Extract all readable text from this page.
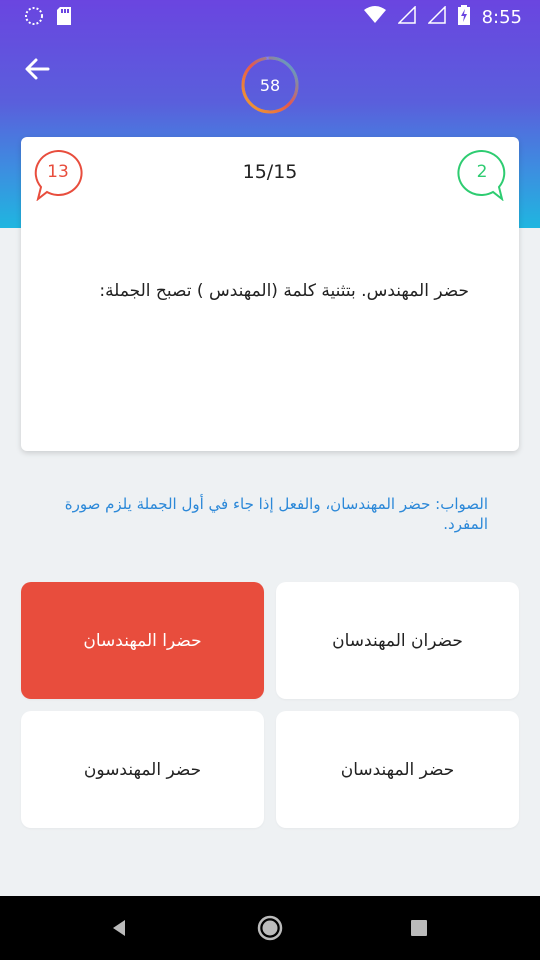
8:55
58
13	15/15	2
حضر المهندس. بتثنية كلمة (المهندس ) تصبح الجملة:
الصواب: حضر المهندسان، والفعل إذا جاء في أول الجملة يلزم صورة المفرد.
حضران المهندسان
حضرا المهندسان
حضر المهندسان
حضر المهندسون
